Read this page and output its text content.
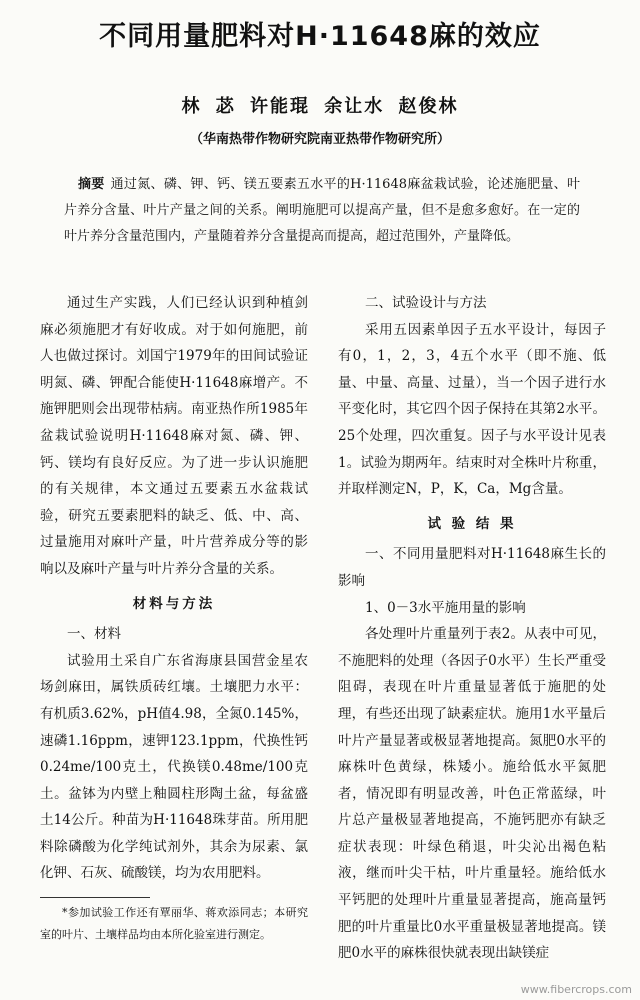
不同用量肥料对H·11648麻的效应
林 苾 许能琨 余让水 赵俊林
（华南热带作物研究院南亚热带作物研究所）
摘要 通过氮、磷、钾、钙、镁五要素五水平的H·11648麻盆栽试验，论述施肥量、叶片养分含量、叶片产量之间的关系。阐明施肥可以提高产量，但不是愈多愈好。在一定的叶片养分含量范围内，产量随着养分含量提高而提高，超过范围外，产量降低。

通过生产实践，人们已经认识到种植剑麻必须施肥才有好收成。对于如何施肥，前人也做过探讨。刘国宁1979年的田间试验证明氮、磷、钾配合能使H·11648麻增产。不施钾肥则会出现带枯病。南亚热作所1985年盆栽试验说明H·11648麻对氮、磷、钾、钙、镁均有良好反应。为了进一步认识施肥的有关规律，本文通过五要素五水盆栽试验，研究五要素肥料的缺乏、低、中、高、过量施用对麻叶产量，叶片营养成分等的影响以及麻叶产量与叶片养分含量的关系。

材料与方法

一、材料

试验用土采自广东省海康县国营金星农场剑麻田，属铁质砖红壤。土壤肥力水平：有机质3.62%，pH值4.98，全氮0.145%，速磷1.16ppm，速钾123.1ppm，代换性钙0.24me/100克土，代换镁0.48me/100克土。盆钵为内壁上釉圆柱形陶土盆，每盆盛土14公斤。种苗为H·11648珠芽苗。所用肥料除磷酸为化学纯试剂外，其余为尿素、氯化钾、石灰、硫酸镁，均为农用肥料。

*参加试验工作还有覃丽华、蒋欢添同志；本研究室的叶片、土壤样品均由本所化验室进行测定。

二、试验设计与方法

采用五因素单因子五水平设计，每因子有0，1，2，3，4五个水平（即不施、低量、中量、高量、过量），当一个因子进行水平变化时，其它四个因子保持在其第2水平。25个处理，四次重复。因子与水平设计见表1。试验为期两年。结束时对全株叶片称重，并取样测定N，P，K，Ca，Mg含量。

试 验 结 果

一、不同用量肥料对H·11648麻生长的影响

1、0－3水平施用量的影响

各处理叶片重量列于表2。从表中可见，不施肥料的处理（各因子0水平）生长严重受阻碍，表现在叶片重量显著低于施肥的处理，有些还出现了缺素症状。施用1水平量后叶片产量显著或极显著地提高。氮肥0水平的麻株叶色黄绿，株矮小。施给低水平氮肥者，情况即有明显改善，叶色正常蓝绿，叶片总产量极显著地提高，不施钙肥亦有缺乏症状表现：叶绿色稍退，叶尖沁出褐色粘液，继而叶尖干枯，叶片重量轻。施给低水平钙肥的处理叶片重量显著提高，施高量钙肥的叶片重量比0水平重量极显著地提高。镁肥0水平的麻株很快就表现出缺镁症

www.fibercrops.com
